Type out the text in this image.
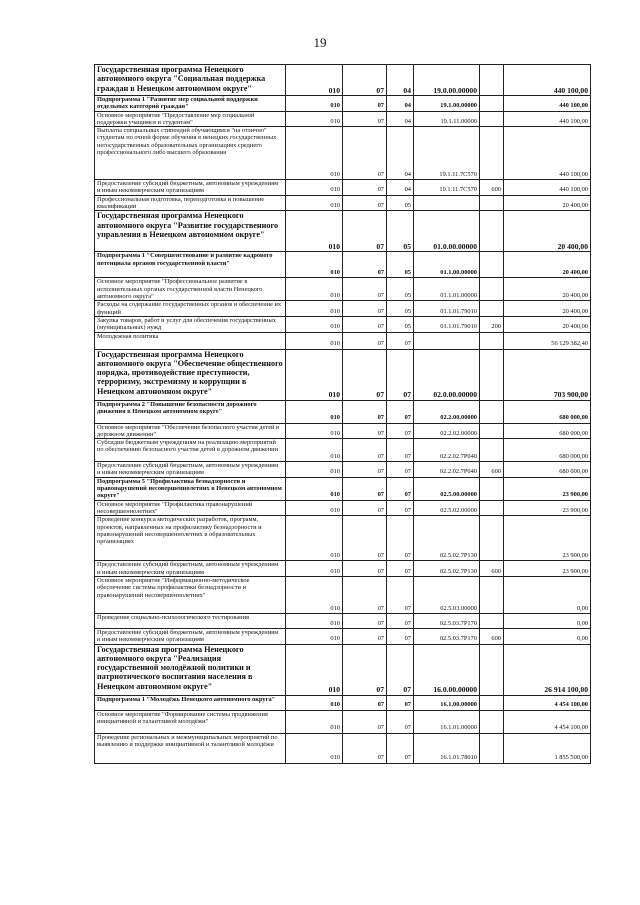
19
Государственная программа Ненецкого автономного округа "Социальная поддержка граждан в Ненецком автономном округе"	010	07	04	19.0.00.00000		440 100,00
Подпрограмма 1 "Развитие мер социальной поддержки отдельных категорий граждан"	010	07	04	19.1.00.00000		440 100,00
Основное мероприятие "Предоставление мер социальной поддержки учащимся и студентам"	010	07	04	19.1.11.00000		440 100,00
Выплаты специальных стипендий обучающимся "на отлично" студентам по очной форме обучения в ненецких государственных негосударственных образовательных организациях среднего профессионального либо высшего образования	010	07	04	19.1.11.7С570		440 100,00
Предоставление субсидий бюджетным, автономным учреждениям и иным некоммерческим организациям	010	07	04	19.1.11.7С570	600	440 100,00
Профессиональная подготовка, переподготовка и повышение квалификации	010	07	05			20 400,00
Государственная программа Ненецкого автономного округа "Развитие государственного управления в Ненецком автономном округе"	010	07	05	01.0.00.00000		20 400,00
Подпрограмма 1 "Совершенствование и развитие кадрового потенциала органов государственной власти"	010	07	05	01.1.00.00000		20 400,00
Основное мероприятие "Профессиональное развитие в исполнительных органах государственной власти Ненецкого автономного округа"	010	07	05	01.1.01.00000		20 400,00
Расходы на содержание государственных органов и обеспечение их функций	010	07	05	01.1.01.79010		20 400,00
Закупка товаров, работ и услуг для обеспечения государственных (муниципальных) нужд	010	07	05	01.1.01.79010	200	20 400,00
Молодежная политика	010	07	07			56 129 382,40
Государственная программа Ненецкого автономного округа "Обеспечение общественного порядка, противодействие преступности, терроризму, экстремизму и коррупции в Ненецком автономном округе"	010	07	07	02.0.00.00000		703 900,00
Подпрограмма 2 "Повышение безопасности дорожного движения в Ненецком автономном округе"	010	07	07	02.2.00.00000		680 000,00
Основное мероприятие "Обеспечение безопасного участия детей в дорожном движении"	010	07	07	02.2.02.00000		680 000,00
Субсидии бюджетным учреждениям на реализацию мероприятий по обеспечению безопасного участия детей в дорожном движении	010	07	07	02.2.02.7Р040		680 000,00
Предоставление субсидий бюджетным, автономным учреждениям и иным некоммерческим организациям	010	07	07	02.2.02.7Р040	600	680 000,00
Подпрограмма 5 "Профилактика безнадзорности и правонарушений несовершеннолетних в Ненецком автономном округе"	010	07	07	02.5.00.00000		23 900,00
Основное мероприятие "Профилактика правонарушений несовершеннолетних"	010	07	07	02.5.02.00000		23 900,00
Проведение конкурса методических разработок, программ, проектов, направленных на профилактику безнадзорности и правонарушений несовершеннолетних в образовательных организациях	010	07	07	02.5.02.7Р130		23 900,00
Предоставление субсидий бюджетным, автономным учреждениям и иным некоммерческим организациям	010	07	07	02.5.02.7Р130	600	23 900,00
Основное мероприятие "Информационно-методическое обеспечение системы профилактики безнадзорности и правонарушений несовершеннолетних"	010	07	07	02.5.03.00000		0,00
Проведение социально-психологического тестирования	010	07	07	02.5.03.7Р170		0,00
Предоставление субсидий бюджетным, автономным учреждениям и иным некоммерческим организациям	010	07	07	02.5.03.7Р170	600	0,00
Государственная программа Ненецкого автономного округа "Реализация государственной молодёжной политики и патриотического воспитания населения в Ненецком автономном округе"	010	07	07	16.0.00.00000		26 914 100,00
Подпрограмма 1 "Молодёжь Ненецкого автономного округа"	010	07	07	16.1.00.00000		4 454 100,00
Основное мероприятие "Формирование системы продвижения инициативной и талантливой молодёжи"	010	07	07	16.1.01.00000		4 454 100,00
Проведение региональных и межмуниципальных мероприятий по выявлению и поддержке инициативной и талантливой молодёжи	010	07	07	16.1.01.78010		1 855 500,00
